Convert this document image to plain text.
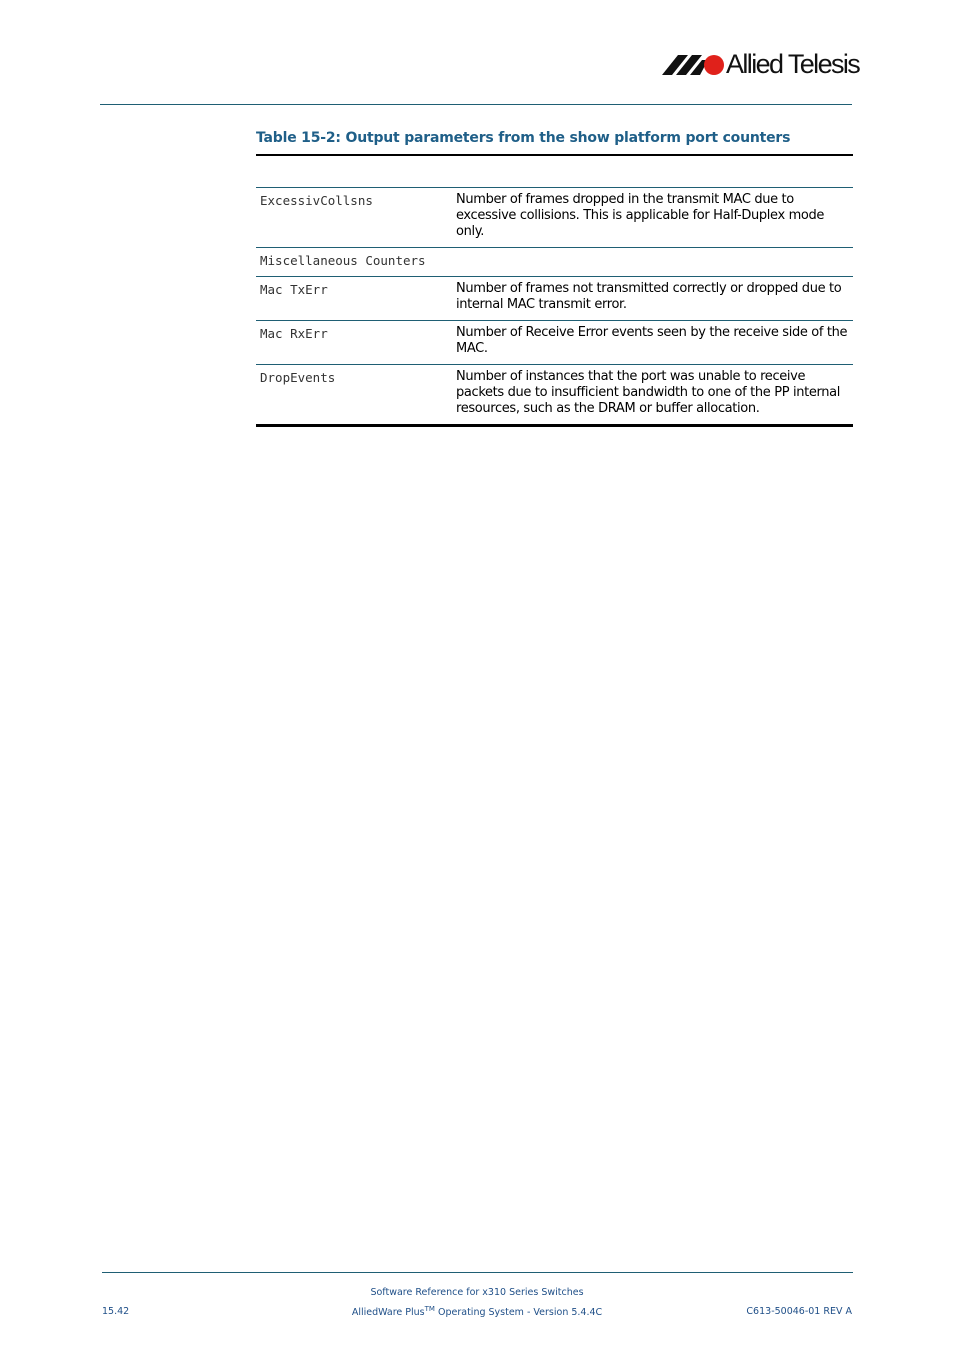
Allied Telesis
Table 15-2: Output parameters from the show platform port counters
ExcessivCollsns	Number of frames dropped in the transmit MAC due to excessive collisions. This is applicable for Half-Duplex mode only.
Miscellaneous Counters	
Mac TxErr	Number of frames not transmitted correctly or dropped due to internal MAC transmit error.
Mac RxErr	Number of Receive Error events seen by the receive side of the MAC.
DropEvents	Number of instances that the port was unable to receive packets due to insufficient bandwidth to one of the PP internal resources, such as the DRAM or buffer allocation.
Software Reference for x310 Series Switches
AlliedWare Plus™ Operating System - Version 5.4.4C
15.42	C613-50046-01 REV A
